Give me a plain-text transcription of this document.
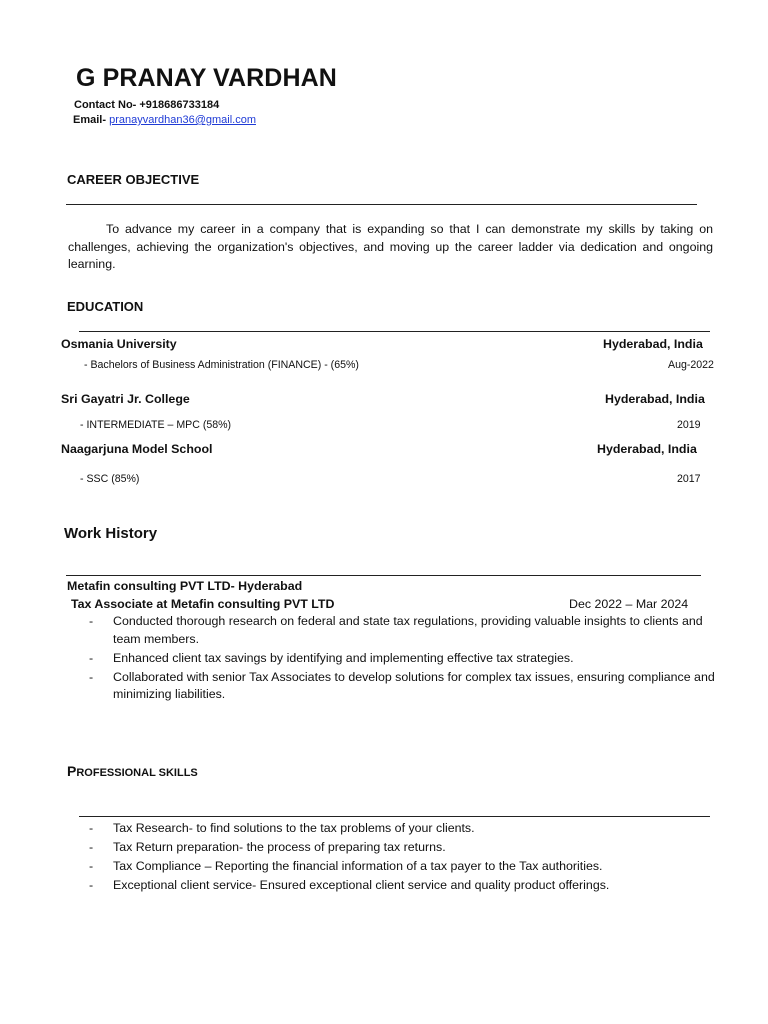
G PRANAY VARDHAN
Contact No- +918686733184
Email- pranayvardhan36@gmail.com
CAREER OBJECTIVE
To advance my career in a company that is expanding so that I can demonstrate my skills by taking on challenges, achieving the organization's objectives, and moving up the career ladder via dedication and ongoing learning.
EDUCATION
Osmania University	Hyderabad, India
- Bachelors of Business Administration (FINANCE) - (65%)	Aug-2022
Sri Gayatri Jr. College	Hyderabad, India
- INTERMEDIATE – MPC (58%)	2019
Naagarjuna Model School	Hyderabad, India
- SSC (85%)	2017
Work History
Metafin consulting PVT LTD- Hyderabad
Tax Associate at Metafin consulting PVT LTD	Dec 2022 – Mar 2024
- Conducted thorough research on federal and state tax regulations, providing valuable insights to clients and team members.
- Enhanced client tax savings by identifying and implementing effective tax strategies.
- Collaborated with senior Tax Associates to develop solutions for complex tax issues, ensuring compliance and minimizing liabilities.
PROFESSIONAL SKILLS
- Tax Research- to find solutions to the tax problems of your clients.
- Tax Return preparation- the process of preparing tax returns.
- Tax Compliance – Reporting the financial information of a tax payer to the Tax authorities.
- Exceptional client service- Ensured exceptional client service and quality product offerings.
